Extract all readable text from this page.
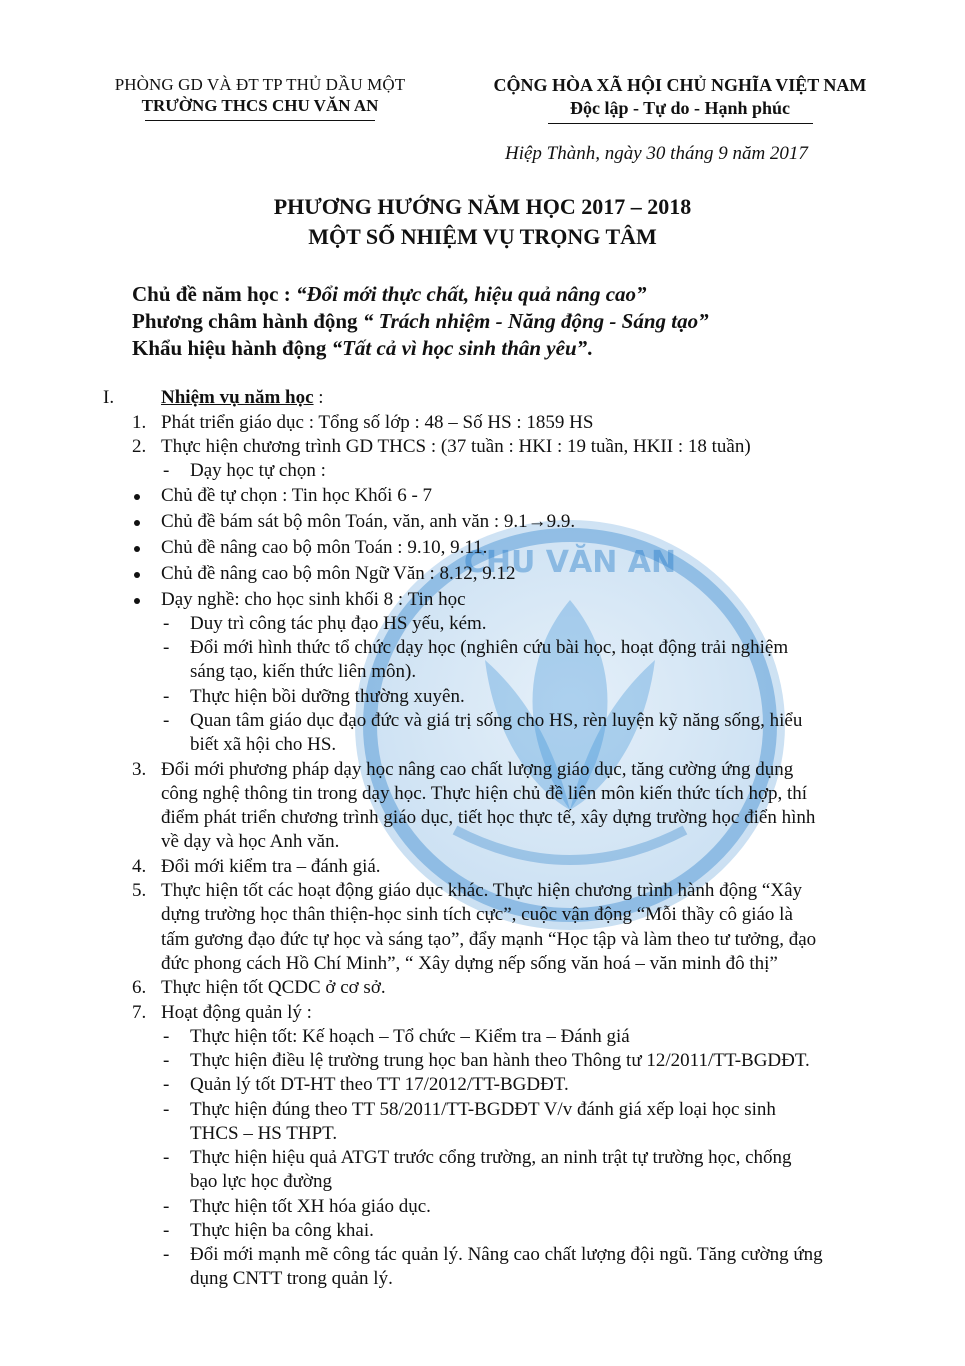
CHU VĂN AN
PHÒNG GD VÀ ĐT TP THỦ DẦU MỘT
TRƯỜNG THCS CHU VĂN AN
CỘNG HÒA XÃ HỘI CHỦ NGHĨA VIỆT NAM
Độc lập - Tự do - Hạnh phúc
Hiệp Thành, ngày 30 tháng 9 năm 2017
PHƯƠNG HƯỚNG NĂM HỌC 2017 – 2018
MỘT SỐ NHIỆM VỤ TRỌNG TÂM
Chủ đề năm học : “Đổi mới thực chất, hiệu quả nâng cao”
Phương châm hành động “ Trách nhiệm - Năng động - Sáng tạo”
Khẩu hiệu hành động “Tất cả vì học sinh thân yêu”.
I. Nhiệm vụ năm học :
1. Phát triển giáo dục : Tổng số lớp : 48 – Số HS : 1859 HS
2. Thực hiện chương trình GD THCS : (37 tuần : HKI : 19 tuần, HKII : 18 tuần)
- Dạy học tự chọn :
Chủ đề tự chọn : Tin học Khối 6 - 7
Chủ đề bám sát bộ môn Toán, văn, anh văn : 9.1→9.9.
Chủ đề nâng cao bộ môn Toán : 9.10, 9.11.
Chủ đề nâng cao bộ môn Ngữ Văn : 8.12, 9.12
Dạy nghề: cho học sinh khối 8 : Tin học
- Duy trì công tác phụ đạo HS yếu, kém.
- Đổi mới hình thức tổ chức dạy học (nghiên cứu bài học, hoạt động trải nghiệm
sáng tạo, kiến thức liên môn).
- Thực hiện bồi dưỡng thường xuyên.
- Quan tâm giáo dục đạo đức và giá trị sống cho HS, rèn luyện kỹ năng sống, hiểu
biết xã hội cho HS.
3. Đổi mới phương pháp dạy học nâng cao chất lượng giáo dục, tăng cường ứng dụng
công nghệ thông tin trong dạy học. Thực hiện chủ đề liên môn kiến thức tích hợp, thí
điểm phát triển chương trình giáo dục, tiết học thực tế, xây dựng trường học điển hình
về dạy và học Anh văn.
4. Đổi mới kiểm tra – đánh giá.
5. Thực hiện tốt các hoạt động giáo dục khác. Thực hiện chương trình hành động “Xây
dựng trường học thân thiện-học sinh tích cực”, cuộc vận động “Mỗi thầy cô giáo là
tấm gương đạo đức tự học và sáng tạo”, đẩy mạnh “Học tập và làm theo tư tưởng, đạo
đức phong cách Hồ Chí Minh”, “ Xây dựng nếp sống văn hoá – văn minh đô thị”
6. Thực hiện tốt QCDC ở cơ sở.
7. Hoạt động quản lý :
- Thực hiện tốt: Kế hoạch – Tổ chức – Kiểm tra – Đánh giá
- Thực hiện điều lệ trường trung học ban hành theo Thông tư 12/2011/TT-BGDĐT.
- Quản lý tốt DT-HT theo TT 17/2012/TT-BGDĐT.
- Thực hiện đúng theo TT 58/2011/TT-BGDĐT V/v đánh giá xếp loại học sinh
THCS – HS THPT.
- Thực hiện hiệu quả ATGT trước cổng trường, an ninh trật tự trường học, chống
bạo lực học đường
- Thực hiện tốt XH hóa giáo dục.
- Thực hiện ba công khai.
- Đổi mới mạnh mẽ công tác quản lý. Nâng cao chất lượng đội ngũ. Tăng cường ứng
dụng CNTT trong quản lý.
